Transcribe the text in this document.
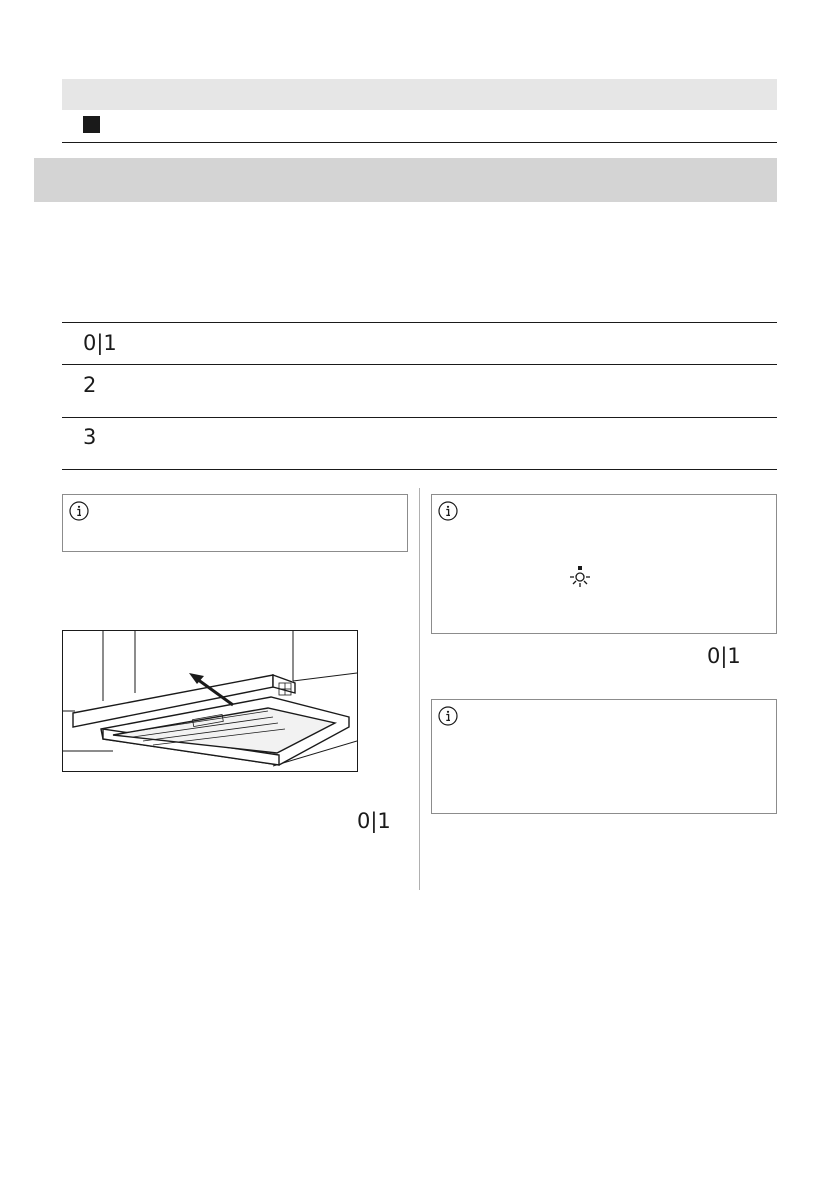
0|1
2
3
0|1
0|1
